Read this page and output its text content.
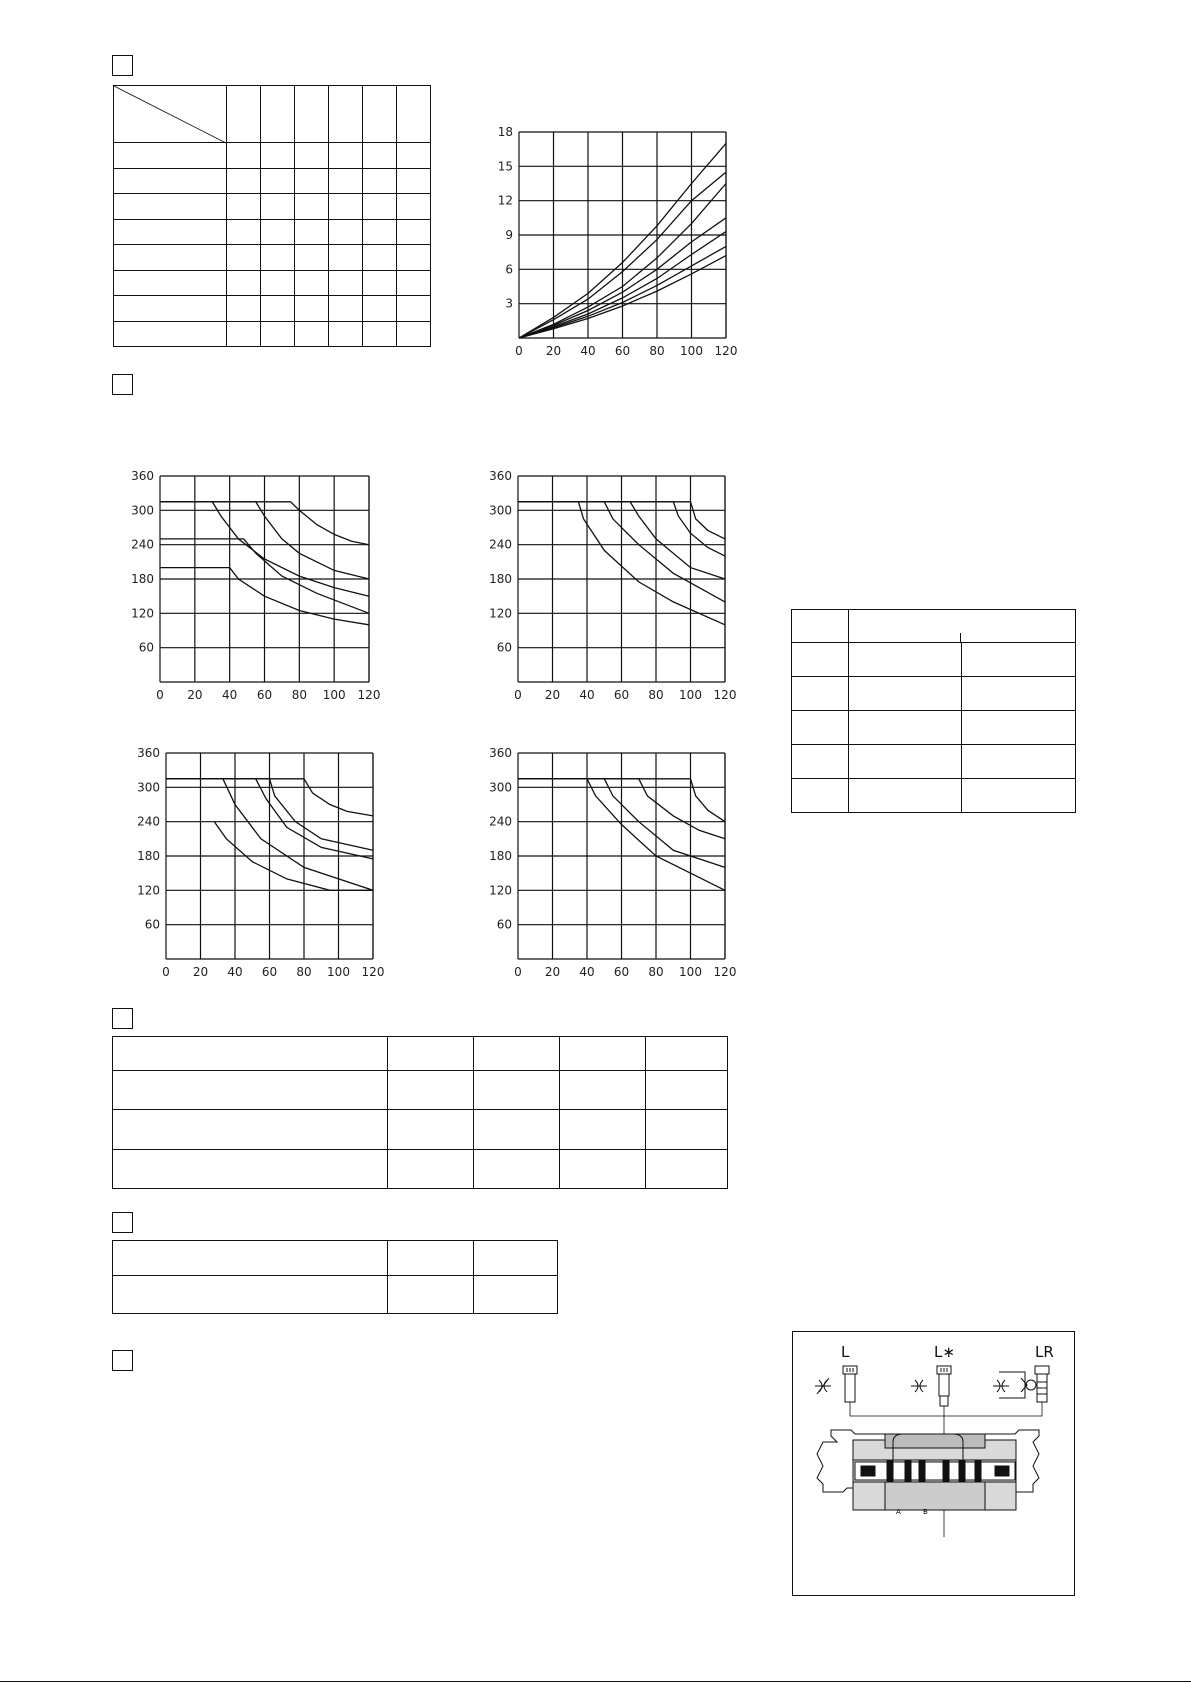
0 20 40 60 80 100 120
3
6
9
12
15
18
0 20 40 60 80 100 120
60
120
180
240
300
360
0 20 40 60 80 100 120
60
120
180
240
300
360
0 20 40 60 80 100 120
60
120
180
240
300
360
0 20 40 60 80 100 120
60
120
180
240
300
360

L	L∗	LR
A	B
